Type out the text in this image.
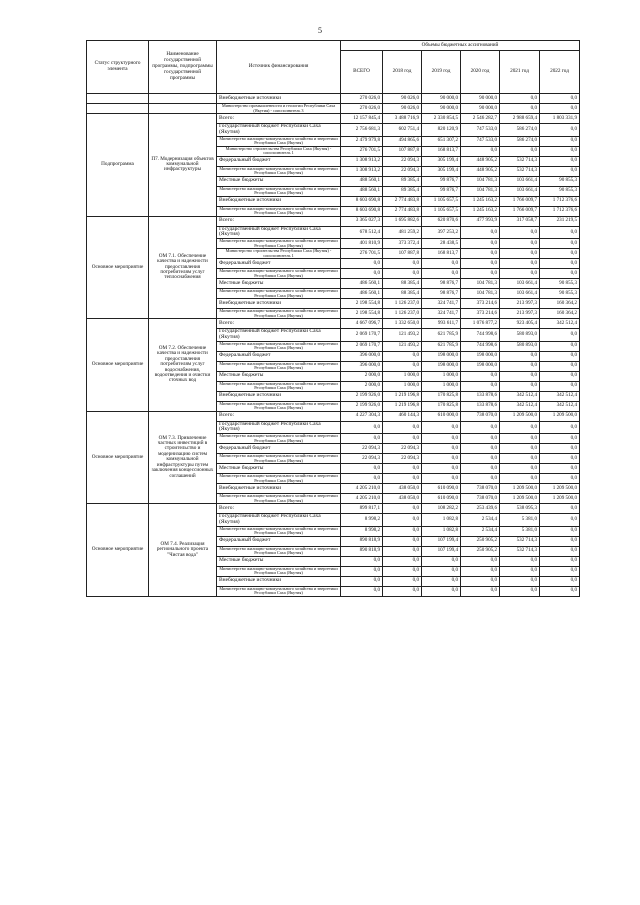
5
Статус структурного элемента	Наименование государственной программы, подпрограммы государственной программы	Источник финансирования	Объемы бюджетных ассигнований					
			ВСЕГО	2018 год	2019 год	2020 год	2021 год	2022 год
		Внебюджетные источники	270 026,0	90 026,0	90 000,0	90 000,0	0,0	0,0
		Министерство промышленности и геологии Республики Саха (Якутия) - соисполнитель 3	270 026,0	90 026,0	90 000,0	90 000,0	0,0	0,0
Подпрограмма	П7. Модернизация объектов коммунальной инфраструктуры	Всего:	12 157 845,4	3 488 716,9	2 330 854,5	2 546 282,7	2 988 659,4	1 803 331,9
		Государственный бюджет Республики Саха (Якутия)	2 756 681,3	602 751,4	820 120,9	747 533,0	586 274,0	0,0
		Министерство жилищно-коммунального хозяйства и энергетики Республики Саха (Якутия)	2 479 979,8	494 865,6	651 307,2	747 533,0	586 274,0	0,0
		Министерство строительства Республики Саха (Якутия) - соисполнитель 1	276 701,5	107 887,8	168 813,7	0,0	0,0	0,0
		Федеральный бюджет	1 308 913,2	22 094,3	305 199,4	448 905,2	532 714,3	0,0
		Министерство жилищно-коммунального хозяйства и энергетики Республики Саха (Якутия)	1 308 913,2	22 094,3	305 199,4	448 905,2	532 714,3	0,0
		Местные бюджеты	488 560,1	89 385,4	99 876,7	104 781,3	103 661,4	90 855,3
		Министерство жилищно-коммунального хозяйства и энергетики Республики Саха (Якутия)	488 560,1	89 385,4	99 876,7	104 781,3	103 661,4	90 855,3
		Внебюджетные источники	8 603 690,8	2 774 483,8	1 105 657,5	1 245 163,2	1 766 009,7	1 712 376,6
		Министерство жилищно-коммунального хозяйства и энергетики Республики Саха (Якутия)	8 603 690,8	2 774 483,8	1 105 657,5	1 245 163,2	1 766 009,7	1 712 376,6
Основное мероприятие	ОМ 7.1. Обеспечение качества и надежности предоставления потребителям услуг теплоснабжения	Всего:	3 365 027,3	1 695 882,6	620 870,6	477 993,9	317 058,7	231 219,5
		Государственный бюджет Республики Саха (Якутия)	678 512,4	481 259,2	397 253,2	0,0	0,0	0,0
		Министерство жилищно-коммунального хозяйства и энергетики Республики Саха (Якутия)	401 810,9	373 372,4	28 438,5	0,0	0,0	0,0
		Министерство строительства Республики Саха (Якутия) - соисполнитель 1	276 701,5	107 887,8	168 813,7	0,0	0,0	0,0
		Федеральный бюджет	0,0	0,0	0,0	0,0	0,0	0,0
		Министерство жилищно-коммунального хозяйства и энергетики Республики Саха (Якутия)	0,0	0,0	0,0	0,0	0,0	0,0
		Местные бюджеты	486 560,1	88 385,4	98 876,7	104 781,3	103 661,4	90 855,3
		Министерство жилищно-коммунального хозяйства и энергетики Республики Саха (Якутия)	486 560,1	88 385,4	98 876,7	104 781,3	103 661,4	90 855,3
		Внебюджетные источники	2 198 554,8	1 126 237,0	324 741,7	373 214,6	213 997,3	160 364,2
		Министерство жилищно-коммунального хозяйства и энергетики Республики Саха (Якутия)	2 198 554,8	1 126 237,0	324 741,7	373 214,6	213 997,3	160 364,2
Основное мероприятие	ОМ 7.2. Обеспечение качества и надежности предоставления потребителям услуг водоснабжения, водоотведения и очистки сточных вод	Всего:	4 667 096,7	1 332 650,0	993 611,7	1 076 877,2	923 405,4	342 512,4
		Государственный бюджет Республики Саха (Якутия)	2 069 170,7	121 493,2	621 785,9	744 998,6	580 893,0	0,0
		Министерство жилищно-коммунального хозяйства и энергетики Республики Саха (Якутия)	2 069 170,7	121 493,2	621 785,9	744 998,6	580 893,0	0,0
		Федеральный бюджет	396 000,0	0,0	198 000,0	198 000,0	0,0	0,0
		Министерство жилищно-коммунального хозяйства и энергетики Республики Саха (Якутия)	396 000,0	0,0	198 000,0	198 000,0	0,0	0,0
		Местные бюджеты	2 000,0	1 000,0	1 000,0	0,0	0,0	0,0
		Министерство жилищно-коммунального хозяйства и энергетики Республики Саха (Якутия)	2 000,0	1 000,0	1 000,0	0,0	0,0	0,0
		Внебюджетные источники	2 199 926,0	1 219 196,8	170 825,8	133 878,6	342 512,4	342 512,4
		Министерство жилищно-коммунального хозяйства и энергетики Республики Саха (Якутия)	2 199 926,0	1 219 196,8	170 825,8	133 878,6	342 512,4	342 512,4
Основное мероприятие	ОМ 7.3. Привлечение частных инвестиций в строительство и модернизацию систем коммунальной инфраструктуры путем заключения концессионных соглашений	Всего:	4 227 304,3	460 144,3	610 000,0	738 070,0	1 209 500,0	1 209 500,0
		Государственный бюджет Республики Саха (Якутия)	0,0	0,0	0,0	0,0	0,0	0,0
		Министерство жилищно-коммунального хозяйства и энергетики Республики Саха (Якутия)	0,0	0,0	0,0	0,0	0,0	0,0
		Федеральный бюджет	22 094,3	22 094,3	0,0	0,0	0,0	0,0
		Министерство жилищно-коммунального хозяйства и энергетики Республики Саха (Якутия)	22 094,3	22 094,3	0,0	0,0	0,0	0,0
		Местные бюджеты	0,0	0,0	0,0	0,0	0,0	0,0
		Министерство жилищно-коммунального хозяйства и энергетики Республики Саха (Якутия)	0,0	0,0	0,0	0,0	0,0	0,0
		Внебюджетные источники	4 205 210,0	438 050,0	610 090,0	738 070,0	1 209 500,0	1 209 500,0
		Министерство жилищно-коммунального хозяйства и энергетики Республики Саха (Якутия)	4 205 210,0	438 050,0	610 090,0	738 070,0	1 209 500,0	1 209 500,0
Основное мероприятие	ОМ 7.4. Реализация регионального проекта "Чистая вода"	Всего:	899 817,1	0,0	108 282,2	253 439,6	538 095,3	0,0
		Государственный бюджет Республики Саха (Якутия)	8 998,2	0,0	1 082,8	2 534,4	5 381,0	0,0
		Министерство жилищно-коммунального хозяйства и энергетики Республики Саха (Якутия)	8 998,2	0,0	1 082,8	2 534,4	5 381,0	0,0
		Федеральный бюджет	890 818,9	0,0	107 199,4	250 905,2	532 714,3	0,0
		Министерство жилищно-коммунального хозяйства и энергетики Республики Саха (Якутия)	890 818,9	0,0	107 199,4	250 905,2	532 714,3	0,0
		Местные бюджеты	0,0	0,0	0,0	0,0	0,0	0,0
		Министерство жилищно-коммунального хозяйства и энергетики Республики Саха (Якутия)	0,0	0,0	0,0	0,0	0,0	0,0
		Внебюджетные источники	0,0	0,0	0,0	0,0	0,0	0,0
		Министерство жилищно-коммунального хозяйства и энергетики Республики Саха (Якутия)	0,0	0,0	0,0	0,0	0,0	0,0
